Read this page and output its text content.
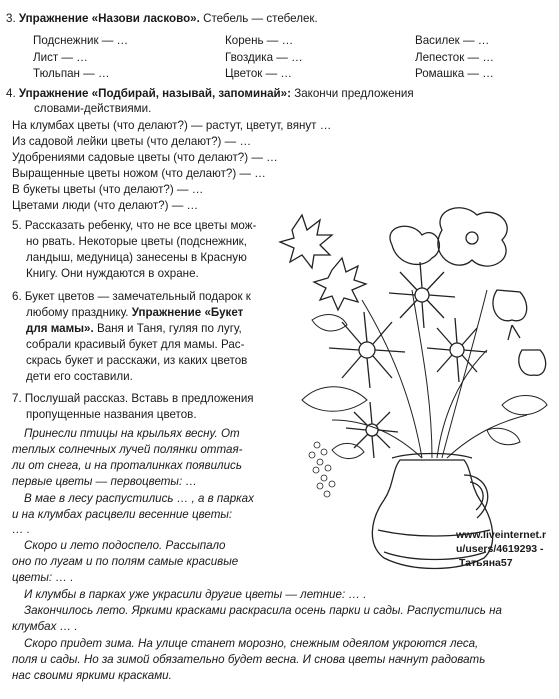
3. Упражнение «Назови ласково». Стебель — стебелек.
Подснежник — …	Корень — …	Василек — …
Лист — …	Гвоздика — …	Лепесток — …
Тюльпан — …	Цветок — …	Ромашка — …
4. Упражнение «Подбирай, называй, запоминай»: Закончи предложения
словами-действиями.
На клумбах цветы (что делают?) — растут, цветут, вянут …
Из садовой лейки цветы (что делают?) — …
Удобрениями садовые цветы (что делают?) — …
Выращенные цветы ножом (что делают?) — …
В букеты цветы (что делают?) — …
Цветами люди (что делают?) — …
5. Рассказать ребенку, что не все цветы мож-
но рвать. Некоторые цветы (подснежник,
ландыш, медуница) занесены в Красную
Книгу. Они нуждаются в охране.
6. Букет цветов — замечательный подарок к
любому празднику. Упражнение «Букет
для мамы». Ваня и Таня, гуляя по лугу,
собрали красивый букет для мамы. Рас-
скрась букет и расскажи, из каких цветов
дети его составили.
7. Послушай рассказ. Вставь в предложения
пропущенные названия цветов.
Принесли птицы на крыльях весну. От
теплых солнечных лучей полянки оттая-
ли от снега, и на проталинках появились
первые цветы — первоцветы: …
В мае в лесу распустились … , а в парках
и на клумбах расцвели весенние цветы:
… .
Скоро и лето подоспело. Рассыпало
оно по лугам и по полям самые красивые
цветы: … .
И клумбы в парках уже украсили другие цветы — летние: … .
Закончилось лето. Яркими красками раскрасила осень парки и сады. Распустились на
клумбах … .
Скоро придет зима. На улице станет морозно, снежным одеялом укроются леса,
поля и сады. Но за зимой обязательно будет весна. И снова цветы начнут радовать
нас своими яркими красками.
www.liveinternet.r
u/users/4619293 -
Татьяна57
